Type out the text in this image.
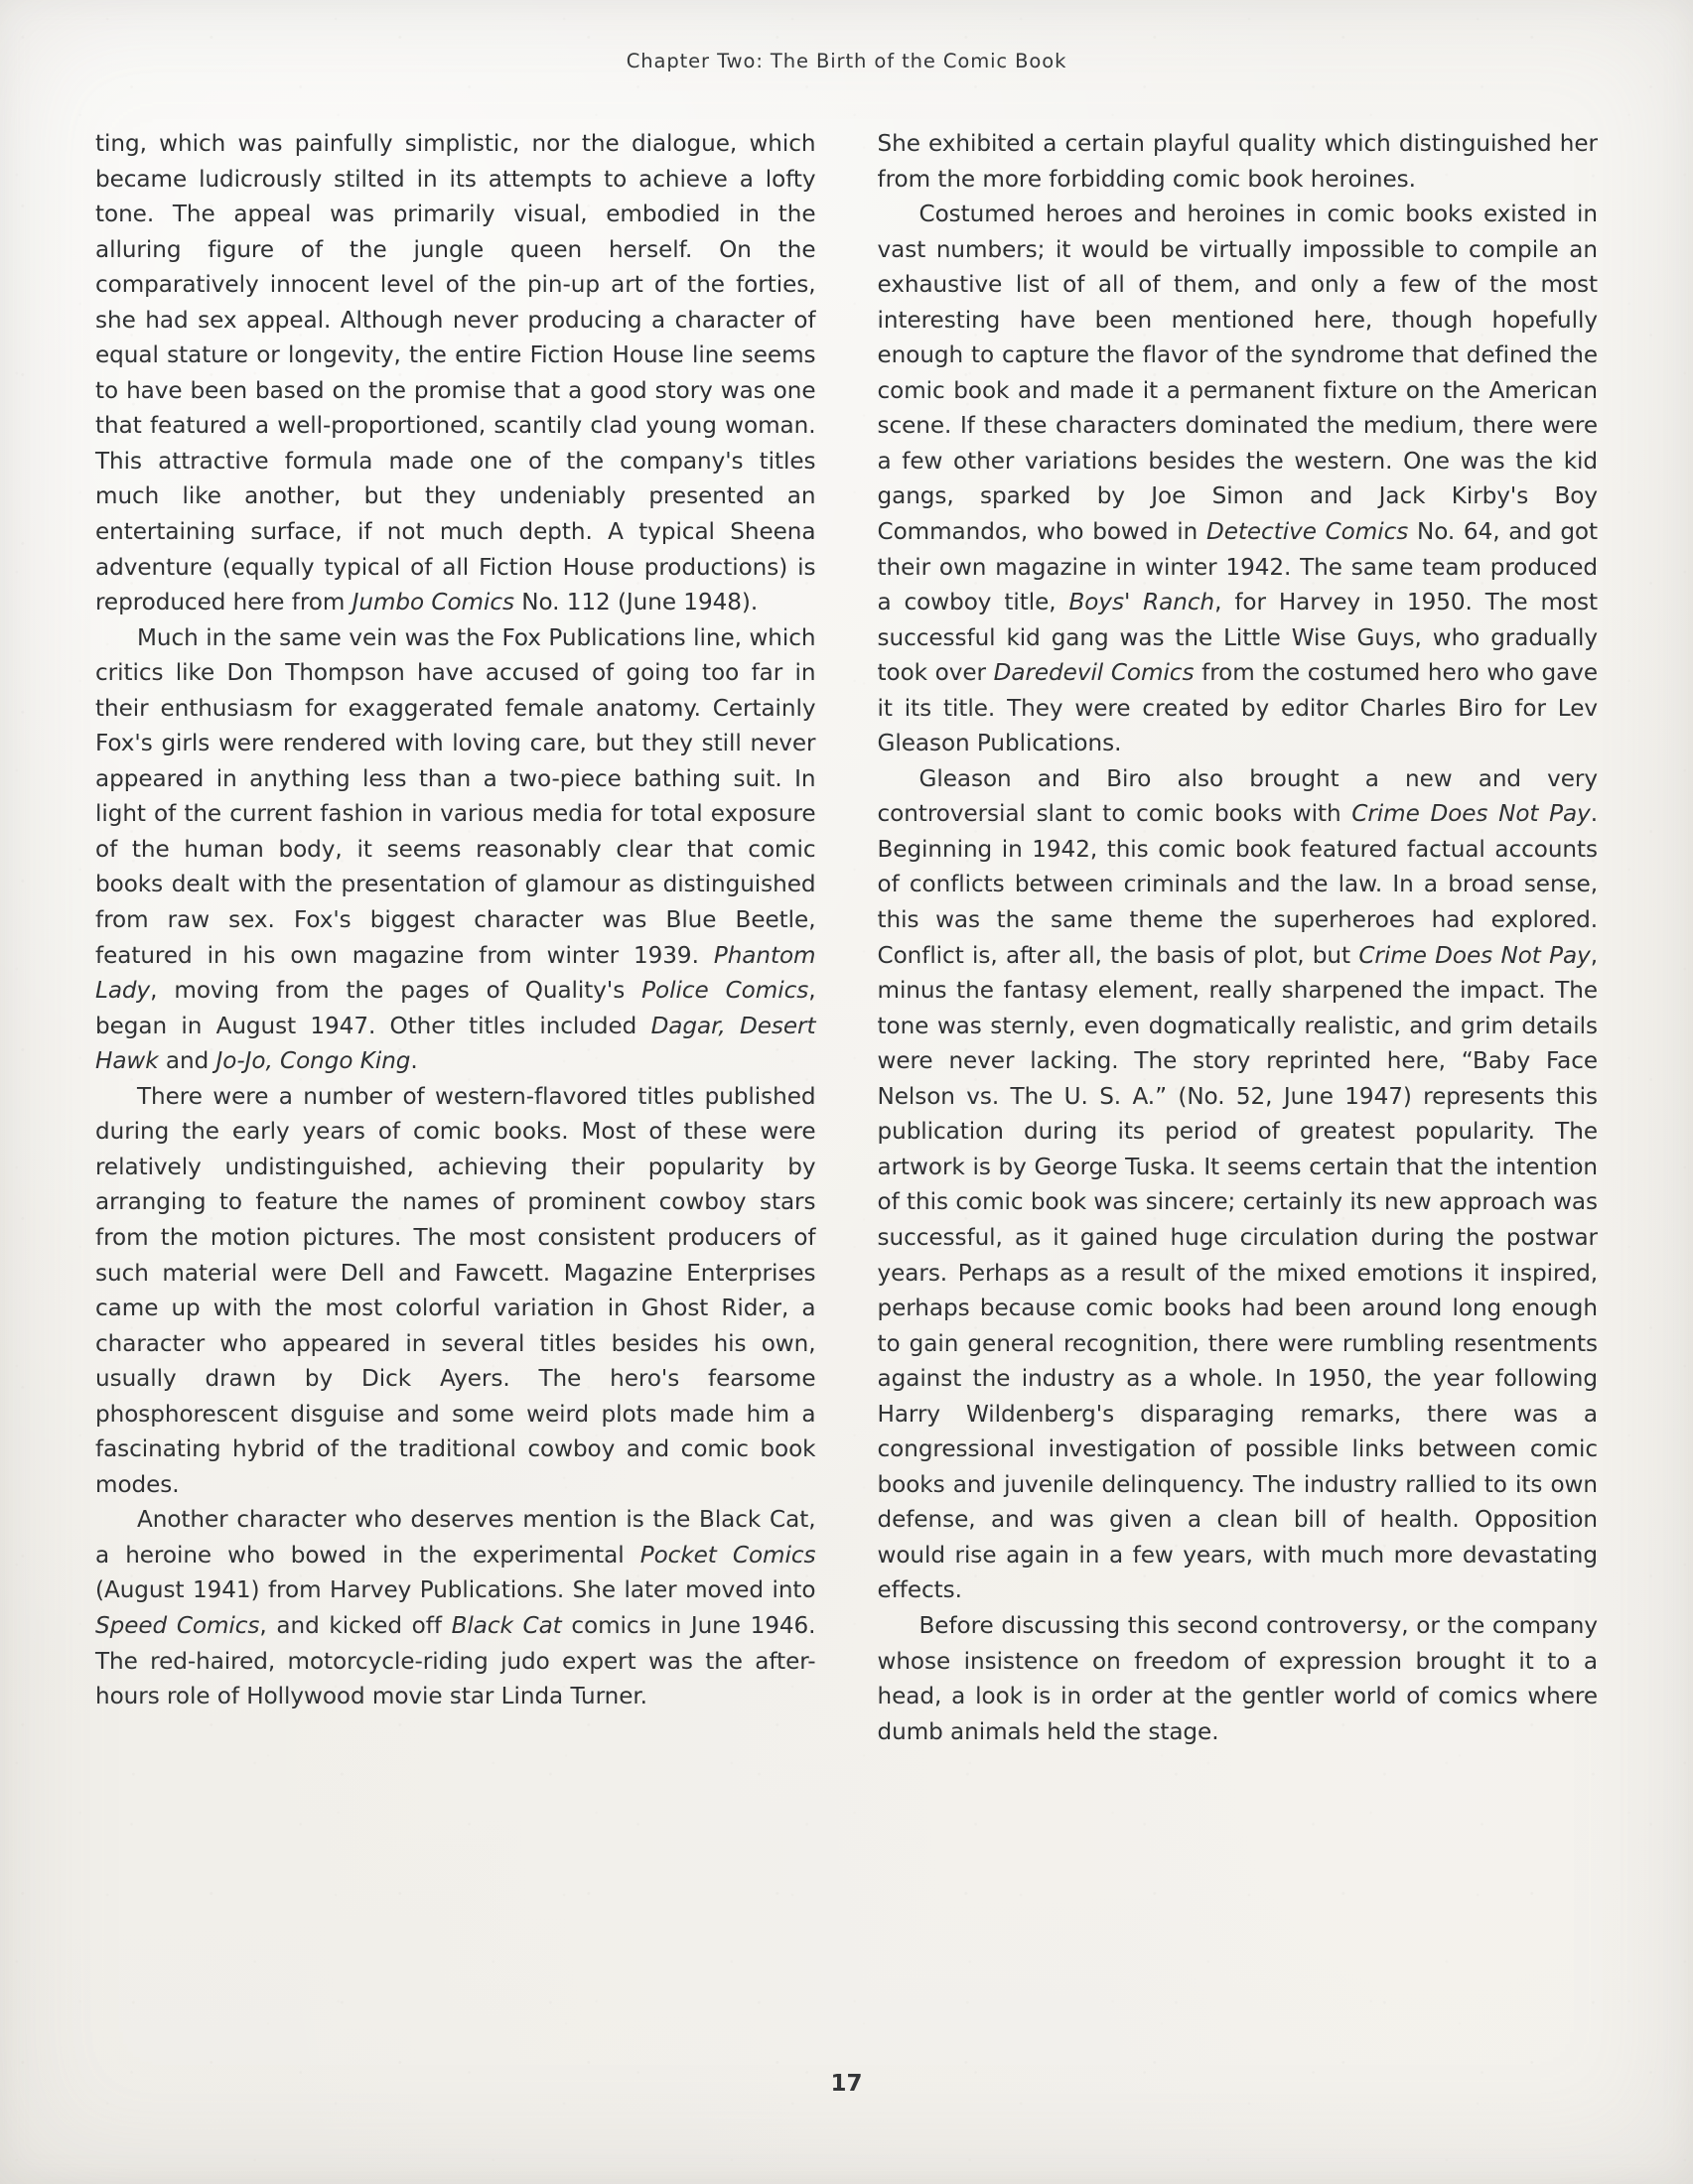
Chapter Two: The Birth of the Comic Book

ting, which was painfully simplistic, nor the dialogue, which became ludicrously stilted in its attempts to achieve a lofty tone. The appeal was primarily visual, embodied in the alluring figure of the jungle queen herself. On the comparatively innocent level of the pin-up art of the forties, she had sex appeal. Although never producing a character of equal stature or longevity, the entire Fiction House line seems to have been based on the promise that a good story was one that featured a well-proportioned, scantily clad young woman. This attractive formula made one of the company's titles much like another, but they undeniably presented an entertaining surface, if not much depth. A typical Sheena adventure (equally typical of all Fiction House productions) is reproduced here from Jumbo Comics No. 112 (June 1948).

Much in the same vein was the Fox Publications line, which critics like Don Thompson have accused of going too far in their enthusiasm for exaggerated female anatomy. Certainly Fox's girls were rendered with loving care, but they still never appeared in anything less than a two-piece bathing suit. In light of the current fashion in various media for total exposure of the human body, it seems reasonably clear that comic books dealt with the presentation of glamour as distinguished from raw sex. Fox's biggest character was Blue Beetle, featured in his own magazine from winter 1939. Phantom Lady, moving from the pages of Quality's Police Comics, began in August 1947. Other titles included Dagar, Desert Hawk and Jo-Jo, Congo King.

There were a number of western-flavored titles published during the early years of comic books. Most of these were relatively undistinguished, achieving their popularity by arranging to feature the names of prominent cowboy stars from the motion pictures. The most consistent producers of such material were Dell and Fawcett. Magazine Enterprises came up with the most colorful variation in Ghost Rider, a character who appeared in several titles besides his own, usually drawn by Dick Ayers. The hero's fearsome phosphorescent disguise and some weird plots made him a fascinating hybrid of the traditional cowboy and comic book modes.

Another character who deserves mention is the Black Cat, a heroine who bowed in the experimental Pocket Comics (August 1941) from Harvey Publications. She later moved into Speed Comics, and kicked off Black Cat comics in June 1946. The red-haired, motorcycle-riding judo expert was the after-hours role of Hollywood movie star Linda Turner.

She exhibited a certain playful quality which distinguished her from the more forbidding comic book heroines.

Costumed heroes and heroines in comic books existed in vast numbers; it would be virtually impossible to compile an exhaustive list of all of them, and only a few of the most interesting have been mentioned here, though hopefully enough to capture the flavor of the syndrome that defined the comic book and made it a permanent fixture on the American scene. If these characters dominated the medium, there were a few other variations besides the western. One was the kid gangs, sparked by Joe Simon and Jack Kirby's Boy Commandos, who bowed in Detective Comics No. 64, and got their own magazine in winter 1942. The same team produced a cowboy title, Boys' Ranch, for Harvey in 1950. The most successful kid gang was the Little Wise Guys, who gradually took over Daredevil Comics from the costumed hero who gave it its title. They were created by editor Charles Biro for Lev Gleason Publications.

Gleason and Biro also brought a new and very controversial slant to comic books with Crime Does Not Pay. Beginning in 1942, this comic book featured factual accounts of conflicts between criminals and the law. In a broad sense, this was the same theme the superheroes had explored. Conflict is, after all, the basis of plot, but Crime Does Not Pay, minus the fantasy element, really sharpened the impact. The tone was sternly, even dogmatically realistic, and grim details were never lacking. The story reprinted here, “Baby Face Nelson vs. The U. S. A.” (No. 52, June 1947) represents this publication during its period of greatest popularity. The artwork is by George Tuska. It seems certain that the intention of this comic book was sincere; certainly its new approach was successful, as it gained huge circulation during the postwar years. Perhaps as a result of the mixed emotions it inspired, perhaps because comic books had been around long enough to gain general recognition, there were rumbling resentments against the industry as a whole. In 1950, the year following Harry Wildenberg's disparaging remarks, there was a congressional investigation of possible links between comic books and juvenile delinquency. The industry rallied to its own defense, and was given a clean bill of health. Opposition would rise again in a few years, with much more devastating effects.

Before discussing this second controversy, or the company whose insistence on freedom of expression brought it to a head, a look is in order at the gentler world of comics where dumb animals held the stage.

17
